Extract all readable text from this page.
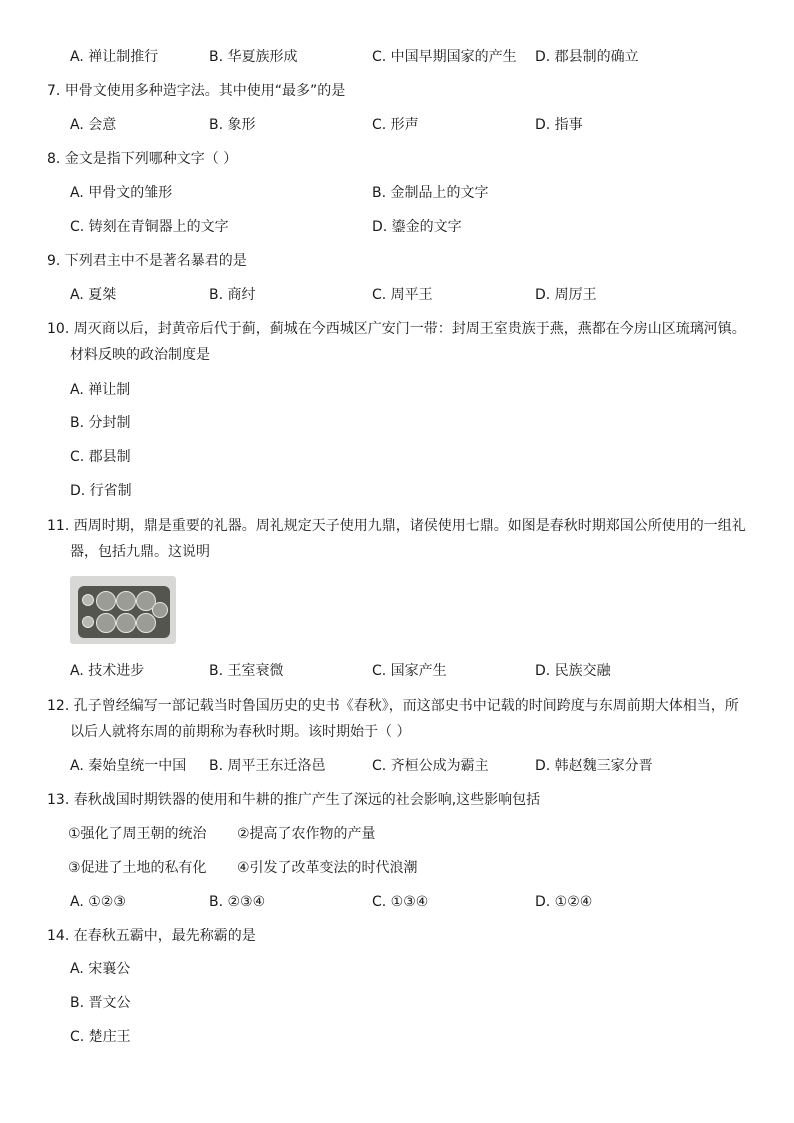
A. 禅让制推行	B. 华夏族形成	C. 中国早期国家的产生 D. 郡县制的确立
7. 甲骨文使用多种造字法。其中使用“最多”的是
A. 会意	B. 象形	C. 形声	D. 指事
8. 金文是指下列哪种文字（ ）
A. 甲骨文的雏形	B. 金制品上的文字
C. 铸刻在青铜器上的文字	D. 鎏金的文字
9. 下列君主中不是著名暴君的是
A. 夏桀	B. 商纣	C. 周平王	D. 周厉王
10. 周灭商以后，封黄帝后代于蓟，蓟城在今西城区广安门一带：封周王室贵族于燕，燕都在今房山区琉璃河镇。
材料反映的政治制度是
A. 禅让制
B. 分封制
C. 郡县制
D. 行省制
11. 西周时期，鼎是重要的礼器。周礼规定天子使用九鼎，诸侯使用七鼎。如图是春秋时期郑国公所使用的一组礼
器，包括九鼎。这说明
A. 技术进步	B. 王室衰微	C. 国家产生	D. 民族交融
12. 孔子曾经编写一部记载当时鲁国历史的史书《春秋》，而这部史书中记载的时间跨度与东周前期大体相当，所
以后人就将东周的前期称为春秋时期。该时期始于（ ）
A. 秦始皇统一中国 B. 周平王东迁洛邑	C. 齐桓公成为霸主	D. 韩赵魏三家分晋
13. 春秋战国时期铁器的使用和牛耕的推广产生了深远的社会影响,这些影响包括
①强化了周王朝的统治 ②提高了农作物的产量
③促进了土地的私有化 ④引发了改革变法的时代浪潮
A. ①②③	B. ②③④	C. ①③④	D. ①②④
14. 在春秋五霸中，最先称霸的是
A. 宋襄公
B. 晋文公
C. 楚庄王
